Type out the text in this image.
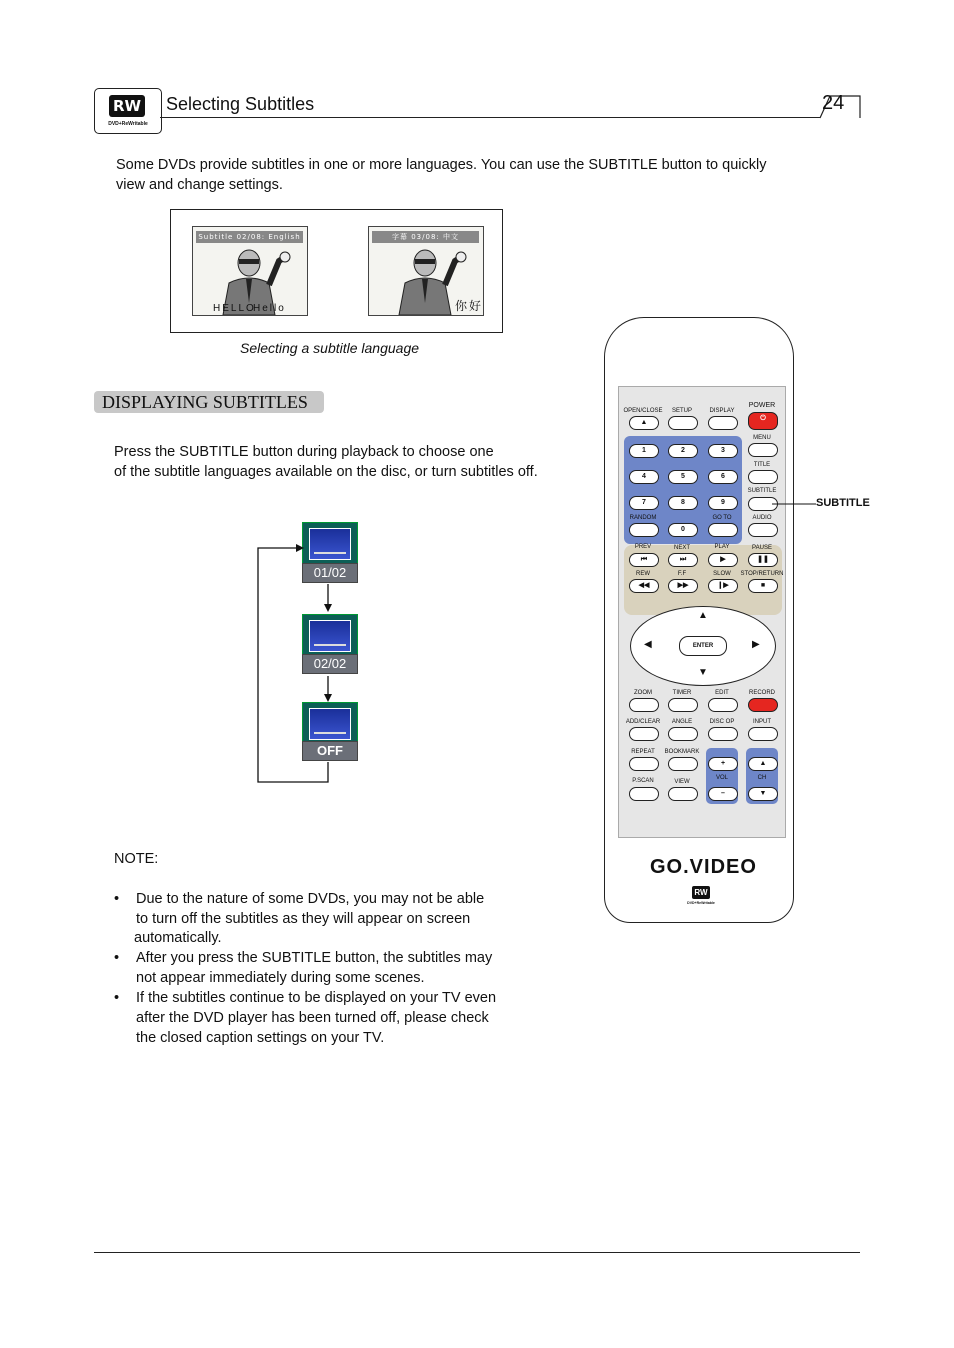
RW
DVD+ReWritable
Selecting Subtitles	24
Some DVDs provide subtitles in one or more languages. You can use the SUBTITLE button to quickly
view and change settings.
Subtitle 02/08: English
HELLO
Hello
字幕 03/08: 中文
你好
Selecting a subtitle language
DISPLAYING SUBTITLES
Press the SUBTITLE button during playback to choose one
of the subtitle languages available on the disc, or turn subtitles off.
01/02
02/02
OFF
NOTE:
• Due to the nature of some DVDs, you may not be able
to turn off the subtitles as they will appear on screen
automatically.
• After you press the SUBTITLE button, the subtitles may
not appear immediately during some scenes.
• If the subtitles continue to be displayed on your TV even
after the DVD player has been turned off, please check
the closed caption settings on your TV.
OPEN/CLOSE
▲
SETUP	DISPLAY
POWER
⏻
MENU
TITLE
SUBTITLE
1	2	3
4	5	6
7	8	9
RANDOM
0
GO TO	AUDIO
PREV
⏮
NEXT
⏭
PLAY
▶
PAUSE
❚❚
REW
◀◀
F.F
▶▶
SLOW
❙▶
STOP/RETURN
■
▲
▼
◀	▶
ENTER
ZOOM	TIMER	EDIT	RECORD
ADD/CLEAR	ANGLE	DISC OP	INPUT
REPEAT	BOOKMARK
P.SCAN	VIEW
+
VOL
–
▲
CH
▼
GO.VIDEO
RW
DVD+ReWritable
SUBTITLE
